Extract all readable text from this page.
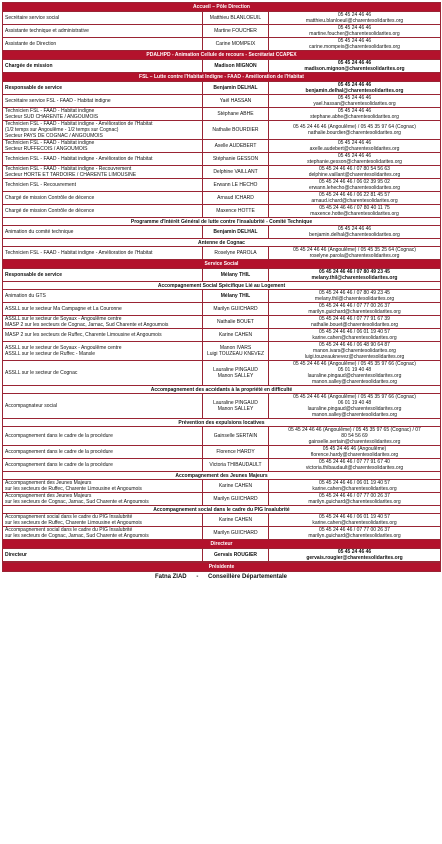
Accueil – Pôle Direction		

Secrétaire service social	Matthieu BLANLOEUIL	05 45 24 46 46
matthieu.blanloeuil@charentesolidarites.org

Assistante technique et administrative	Martine FOUCHER	05 45 24 46 46
martine.foucher@charentesolidarites.org

Assistante de Direction	Carine MOMPEIX	05 45 24 46 46
carine.mompeix@charentesolidarites.org

PDALHPD - Animation Cellule de recours - Secrétariat CCAPEX		

Chargée de mission	Madison MIGNON	05 45 24 46 46
madison.mignon@charentesolidarites.org

FSL – Lutte contre l'Habitat Indigne - FAAD - Amélioration de l'Habitat		

Responsable de service	Benjamin DELHAL	05 45 24 46 46
benjamin.delhal@charentesolidarites.org

Secrétaire service FSL - FAAD - Habitat indigne	Yaël HASSAN	05 45 24 46 46
yael.hassan@charentesolidarites.org

Technicien FSL - FAAD - Habitat indigne
Secteur SUD CHARENTE / ANGOUMOIS	Stéphane ABHE	05 45 24 46 46
stephane.abhe@charentesolidarites.org

Technicien FSL - FAAD - Habitat indigne - Amélioration de l'Habitat
(1/2 temps sur Angoulême - 1/2 temps sur Cognac)
Secteur PAYS DE COGNAC / ANGOUMOIS	Nathalie BOURDIER	05 45 24 46 46 (Angoulême) / 05 45 35 97 64 (Cognac)
nathalie.bourdier@charentesolidarites.org

Technicien FSL - FAAD - Habitat indigne
Secteur RUFFECOIS / ANGOUMOIS	Axelle AUDEBERT	05 45 24 46 46
axelle.audebert@charentesolidarites.org

Technicien FSL - FAAD - Habitat indigne - Amélioration de l'Habitat	Stéphanie GESSON	05 45 24 46 46
stephanie.gesson@charentesolidarites.org

Technicien FSL - FAAD - Habitat indigne - Recouvrement
Secteur HORTE ET TARDOIRE / CHARENTE LIMOUSINE	Delphine VAILLANT	05 45 24 46 46 / 07 80 54 56 63
delphine.vaillant@charentesolidarites.org

Technicien FSL - Recouvrement	Erwann LE HECHO	05 45 24 46 46 / 06 02 39 95 02
erwann.lehecho@charentesolidarites.org

Chargé de mission Contrôle de décence	Arnaud ICHARD	05 45 24 46 46 / 06 22 81 45 57
arnaud.ichard@charentesolidarites.org

Chargé de mission Contrôle de décence	Maxence HOTTE	05 45 24 46 46 / 07 80 40 11 75
maxence.hotte@charentesolidarites.org

Programme d'Intérêt Général de lutte contre l'insalubrité - Comité Technique		

Animation du comité technique	Benjamin DELHAL	05 45 24 46 46
benjamin.delhal@charentesolidarites.org

Antenne de Cognac		

Technicien FSL - FAAD - Habitat indigne - Amélioration de l'Habitat	Roselyne PAROLA	05 45 24 46 46 (Angoulême) / 05 45 35 25 64 (Cognac)
roselyne.parola@charentesolidarites.org

Service Social		

Responsable de service	Mélany THIL	05 45 24 46 46 / 07 80 49 23 45
melany.thil@charentesolidarites.org

Accompagnement Social Spécifique Lié au Logement		

Animation du GTS	Mélany THIL	05 45 24 46 46 / 07 80 49 23 45
melany.thil@charentesolidarites.org

ASSLL sur le secteur Ma Campagne et La Couronne	Marilyn GUICHARD	05 45 24 46 46 / 07 77 00 26 37
marilyn.guichard@charentesolidarites.org

ASSLL sur le secteur de Soyaux - Angoulême centre
MASP 2 sur les secteurs de Cognac, Jarnac, Sud Charente et Angoumois	Nathalie BOUET	05 45 24 46 46 / 07 77 91 67 39
nathalie.bouet@charentesolidarites.org

MASP 2 sur les secteurs de Ruffec, Charente Limousine et Angoumois	Karine CAHEN	05 45 24 46 46 / 06 01 19 40 57
karine.cahen@charentesolidarites.org

ASSLL sur le secteur de Soyaux - Angoulême centre
ASSLL sur le secteur de Ruffec - Mansle	Manon IVARS
Luigi TOUZEAU KNEVEZ	05 45 24 46 46 / 06 48 90 64 87
manon.ivars@charentesolidarites.org
luigi.touzeauknevez@charentesolidarites.org

ASSLL sur le secteur de Cognac	Lauraline PINGAUD
Manon SALLEY	05 45 24 46 46 (Angoulême) / 05 45 35 97 66 (Cognac)
05 01 19 40 48
lauraline.pingaud@charentesolidarites.org
manon.salley@charentesolidarites.org

Accompagnement des accédants à la propriété en difficulté		

Accompagnateur social	Lauraline PINGAUD
Manon SALLEY	05 45 24 46 46 (Angoulême) / 05 45 35 97 66 (Cognac)
06 01 19 40 48
lauraline.pingaud@charentesolidarites.org
manon.salley@charentesolidarites.org

Prévention des expulsions locatives		

Accompagnement dans le cadre de la procédure	Gainselle SERTAIN	05 45 24 46 46 (Angoulême) / 05 45 35 97 65 (Cognac) / 07
80 54 56 69
gainselle.sertain@charentesolidarites.org

Accompagnement dans le cadre de la procédure	Florence HARDY	05 45 24 46 46 (Angoulême)
florence.hardy@charentesolidarites.org

Accompagnement dans le cadre de la procédure	Victoria THIBAUDAULT	05 45 24 46 46 / 07 77 91 67 40
victoria.thibaudault@charentesolidarites.org

Accompagnement des Jeunes Majeurs		

Accompagnement des Jeunes Majeurs
sur les secteurs de Ruffec, Charente Limousine et Angoumois	Karine CAHEN	05 45 24 46 46 / 06 01 19 40 57
karine.cahen@charentesolidarites.org

Accompagnement des Jeunes Majeurs
sur les secteurs de Cognac, Jarnac, Sud Charente et Angoumois	Marilyn GUICHARD	05 45 24 46 46 / 07 77 00 26 37
marilyn.guichard@charentesolidarites.org

Accompagnement social dans le cadre du PIG Insalubrité		

Accompagnement social dans le cadre du PIG Insalubrité
sur les secteurs de Ruffec, Charente Limousine et Angoumois	Karine CAHEN	05 45 24 46 46 / 06 01 19 40 57
karine.cahen@charentesolidarites.org

Accompagnement social dans le cadre du PIG Insalubrité
sur les secteurs de Cognac, Jarnac, Sud Charente et Angoumois	Marilyn GUICHARD	05 45 24 46 46 / 07 77 00 26 37
marilyn.guichard@charentesolidarites.org

Directeur		

Directeur	Gervais ROUGIER	05 45 24 46 46
gervais.rougier@charentesolidarites.org
Présidente
Fatna ZIAD - Conseillère Départementale
